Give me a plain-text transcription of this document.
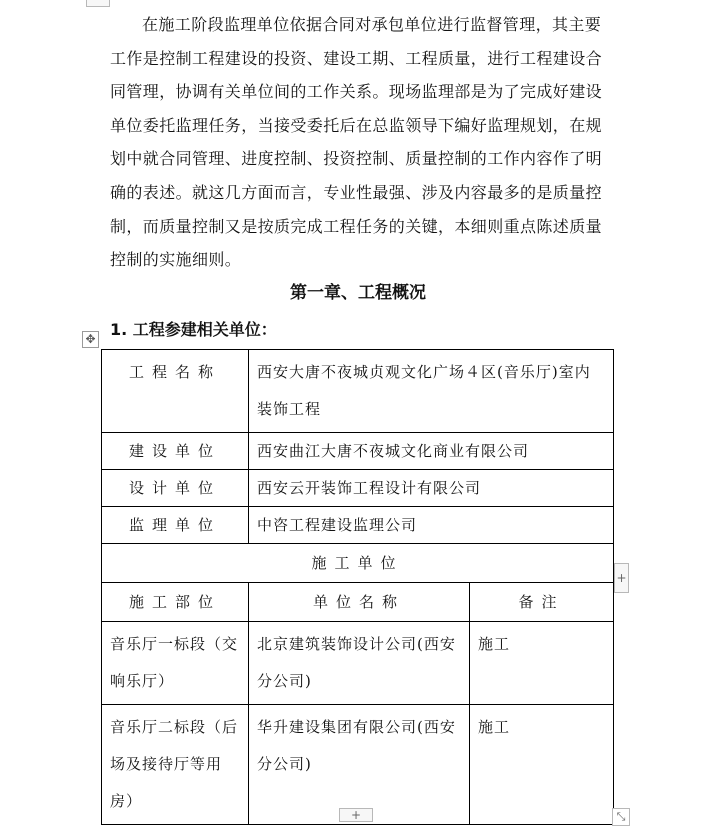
在施工阶段监理单位依据合同对承包单位进行监督管理，其主要
工作是控制工程建设的投资、建设工期、工程质量，进行工程建设合
同管理，协调有关单位间的工作关系。现场监理部是为了完成好建设
单位委托监理任务，当接受委托后在总监领导下编好监理规划，在规
划中就合同管理、进度控制、投资控制、质量控制的工作内容作了明
确的表述。就这几方面而言，专业性最强、涉及内容最多的是质量控
制，而质量控制又是按质完成工程任务的关键，本细则重点陈述质量
控制的实施细则。
第一章、工程概况
1. 工程参建相关单位：
✥
工程名称	西安大唐不夜城贞观文化广场４区(音乐厅)室内装饰工程	
建设单位	西安曲江大唐不夜城文化商业有限公司	
设计单位	西安云开装饰工程设计有限公司	
监理单位	中咨工程建设监理公司	
施工单位		
施工部位	单位名称	备注
音乐厅一标段（交响乐厅）	北京建筑装饰设计公司(西安分公司)	施工
音乐厅二标段（后场及接待厅等用房）	华升建设集团有限公司(西安分公司)	施工
+
+	⤡
